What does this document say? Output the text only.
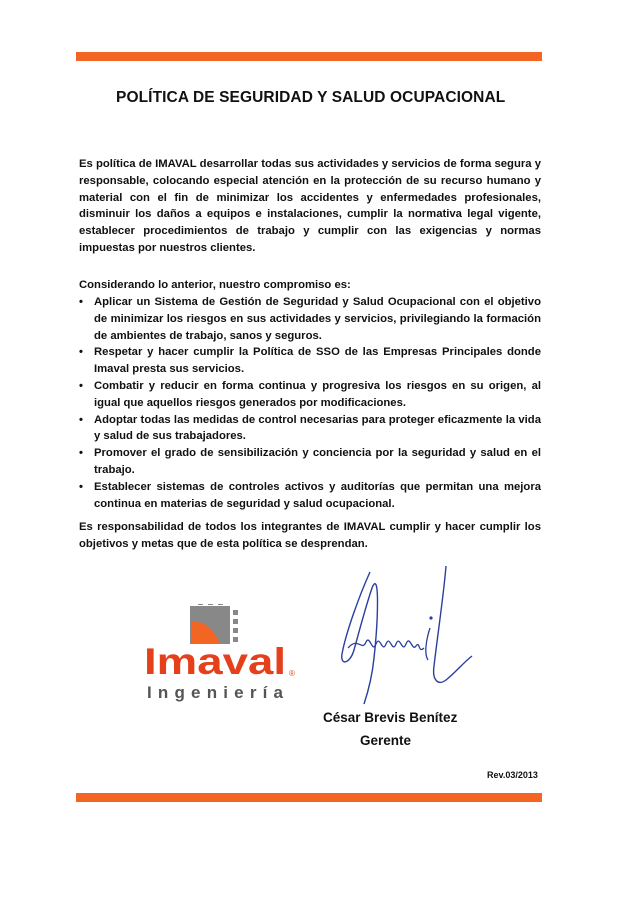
POLÍTICA DE SEGURIDAD Y SALUD OCUPACIONAL

Es política de IMAVAL desarrollar todas sus actividades y servicios de forma segura y responsable, colocando especial atención en la protección de su recurso humano y material con el fin de minimizar los accidentes y enfermedades profesionales, disminuir los daños a equipos e instalaciones, cumplir la normativa legal vigente, establecer procedimientos de trabajo y cumplir con las exigencias y normas impuestas por nuestros clientes.

Considerando lo anterior, nuestro compromiso es:

• Aplicar un Sistema de Gestión de Seguridad y Salud Ocupacional con el objetivo de minimizar los riesgos en sus actividades y servicios, privilegiando la formación de ambientes de trabajo, sanos y seguros.
• Respetar y hacer cumplir la Política de SSO de las Empresas Principales donde Imaval presta sus servicios.
• Combatir y reducir en forma continua y progresiva los riesgos en su origen, al igual que aquellos riesgos generados por modificaciones.
• Adoptar todas las medidas de control necesarias para proteger eficazmente la vida y salud de sus trabajadores.
• Promover el grado de sensibilización y conciencia por la seguridad y salud en el trabajo.
• Establecer sistemas de controles activos y auditorías que permitan una mejora continua en materias de seguridad y salud ocupacional.

Es responsabilidad de todos los integrantes de IMAVAL cumplir y hacer cumplir los objetivos y metas que de esta política se desprendan.

Imaval ®
Ingeniería
César Brevis Benítez
Gerente
Rev.03/2013
